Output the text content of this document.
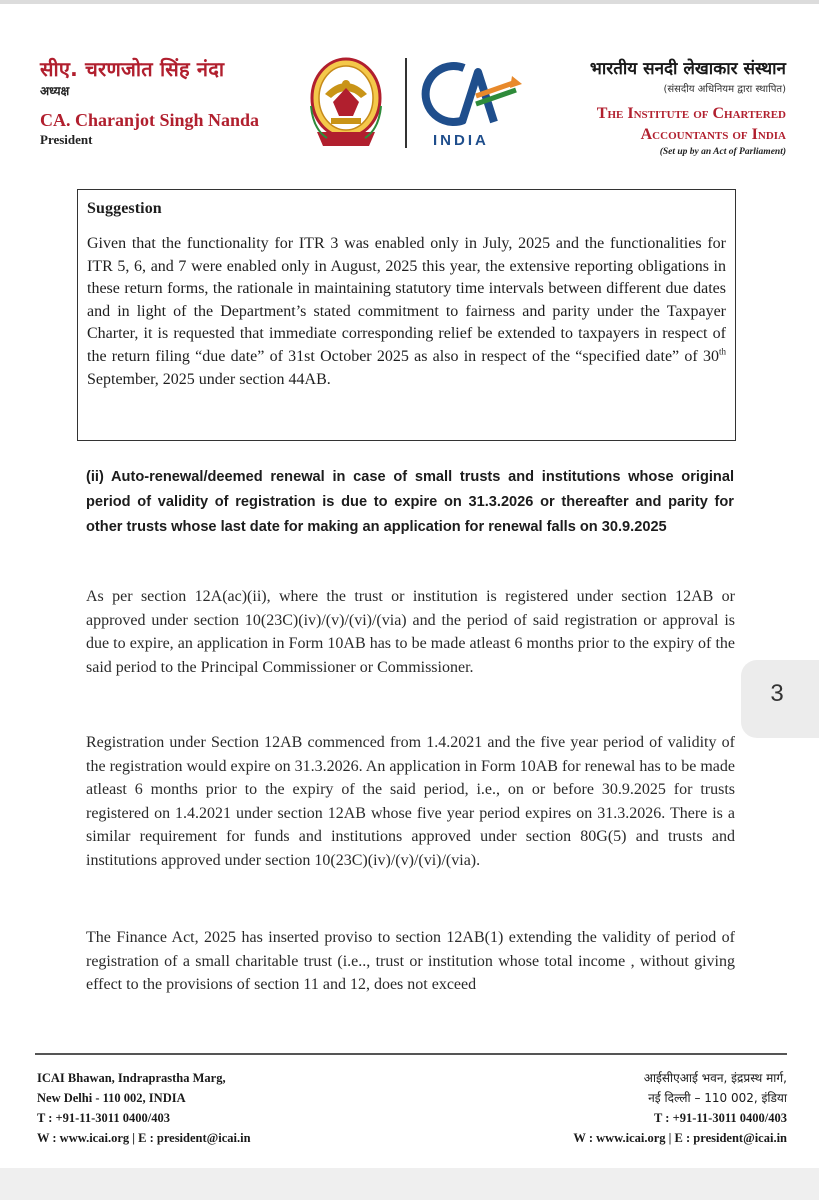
सीए. चरणजोत सिंह नंदा
अध्यक्ष
CA. Charanjot Singh Nanda
President	INDIA
भारतीय सनदी लेखाकार संस्थान
(संसदीय अधिनियम द्वारा स्थापित)
The Institute of Chartered
Accountants of India
(Set up by an Act of Parliament)
Suggestion
Given that the functionality for ITR 3 was enabled only in July, 2025 and the functionalities for ITR 5, 6, and 7 were enabled only in August, 2025 this year, the extensive reporting obligations in these return forms, the rationale in maintaining statutory time intervals between different due dates and in light of the Department’s stated commitment to fairness and parity under the Taxpayer Charter, it is requested that immediate corresponding relief be extended to taxpayers in respect of the return filing “due date” of 31st October 2025 as also in respect of the “specified date” of 30th September, 2025 under section 44AB.
(ii) Auto-renewal/deemed renewal in case of small trusts and institutions whose original period of validity of registration is due to expire on 31.3.2026 or thereafter and parity for other trusts whose last date for making an application for renewal falls on 30.9.2025
As per section 12A(ac)(ii), where the trust or institution is registered under section 12AB or approved under section 10(23C)(iv)/(v)/(vi)/(via) and the period of said registration or approval is due to expire, an application in Form 10AB has to be made atleast 6 months prior to the expiry of the said period to the Principal Commissioner or Commissioner.
Registration under Section 12AB commenced from 1.4.2021 and the five year period of validity of the registration would expire on 31.3.2026. An application in Form 10AB for renewal has to be made atleast 6 months prior to the expiry of the said period, i.e., on or before 30.9.2025 for trusts registered on 1.4.2021 under section 12AB whose five year period expires on 31.3.2026. There is a similar requirement for funds and institutions approved under section 80G(5) and trusts and institutions approved under section 10(23C)(iv)/(v)/(vi)/(via).
The Finance Act, 2025 has inserted proviso to section 12AB(1) extending the validity of period of registration of a small charitable trust (i.e.., trust or institution whose total income , without giving effect to the provisions of section 11 and 12, does not exceed
3
ICAI Bhawan, Indraprastha Marg,
New Delhi - 110 002, INDIA
T : +91-11-3011 0400/403
W : www.icai.org | E : president@icai.in
आईसीएआई भवन, इंद्रप्रस्थ मार्ग,
नई दिल्ली – 110 002, इंडिया
T : +91-11-3011 0400/403
W : www.icai.org | E : president@icai.in
